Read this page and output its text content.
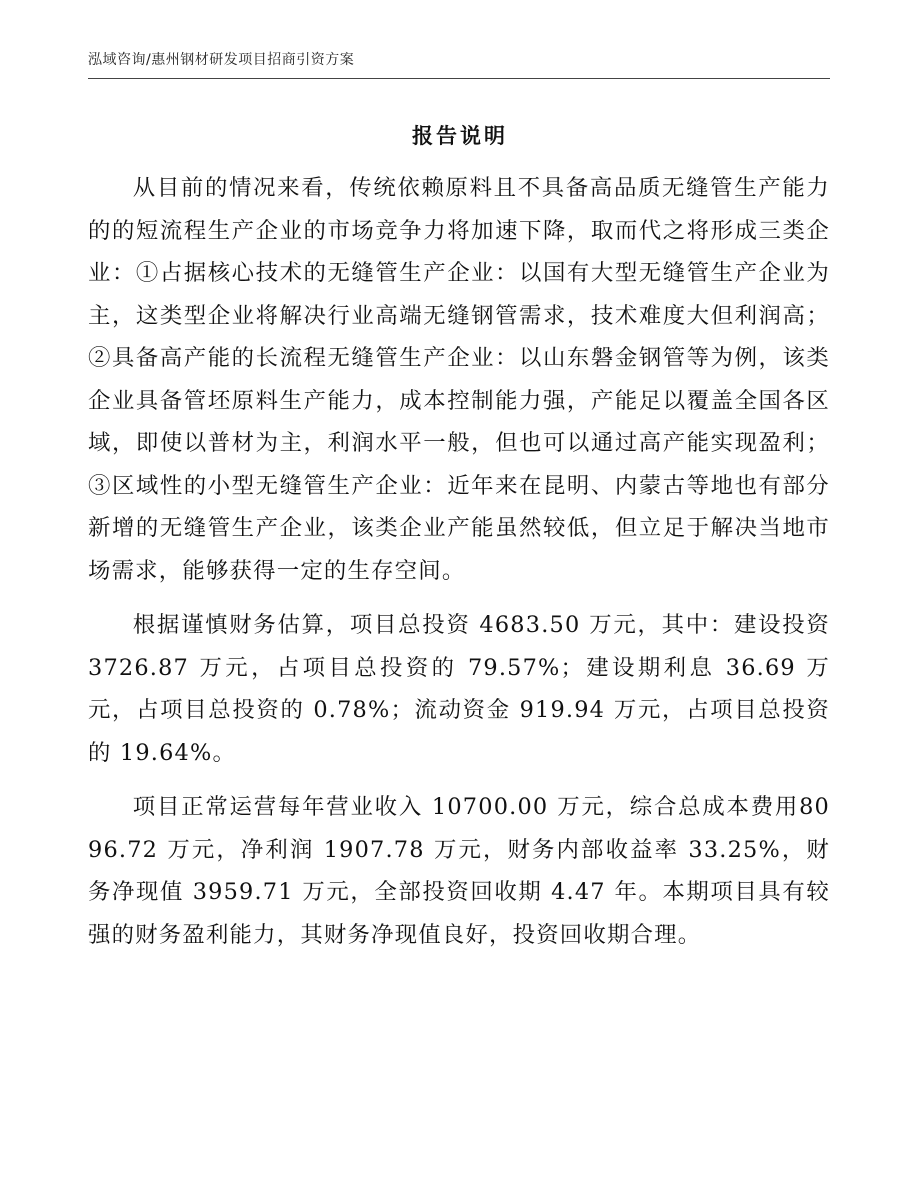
泓域咨询/惠州钢材研发项目招商引资方案
报告说明

从目前的情况来看，传统依赖原料且不具备高品质无缝管生产能力的的短流程生产企业的市场竞争力将加速下降，取而代之将形成三类企业：①占据核心技术的无缝管生产企业：以国有大型无缝管生产企业为主，这类型企业将解决行业高端无缝钢管需求，技术难度大但利润高；②具备高产能的长流程无缝管生产企业：以山东磐金钢管等为例，该类企业具备管坯原料生产能力，成本控制能力强，产能足以覆盖全国各区域，即使以普材为主，利润水平一般，但也可以通过高产能实现盈利；③区域性的小型无缝管生产企业：近年来在昆明、内蒙古等地也有部分新增的无缝管生产企业，该类企业产能虽然较低，但立足于解决当地市场需求，能够获得一定的生存空间。

根据谨慎财务估算，项目总投资 4683.50 万元，其中：建设投资3726.87 万元，占项目总投资的 79.57%；建设期利息 36.69 万元，占项目总投资的 0.78%；流动资金 919.94 万元，占项目总投资的 19.64%。

项目正常运营每年营业收入 10700.00 万元，综合总成本费用8096.72 万元，净利润 1907.78 万元，财务内部收益率 33.25%，财务净现值 3959.71 万元，全部投资回收期 4.47 年。本期项目具有较强的财务盈利能力，其财务净现值良好，投资回收期合理。
